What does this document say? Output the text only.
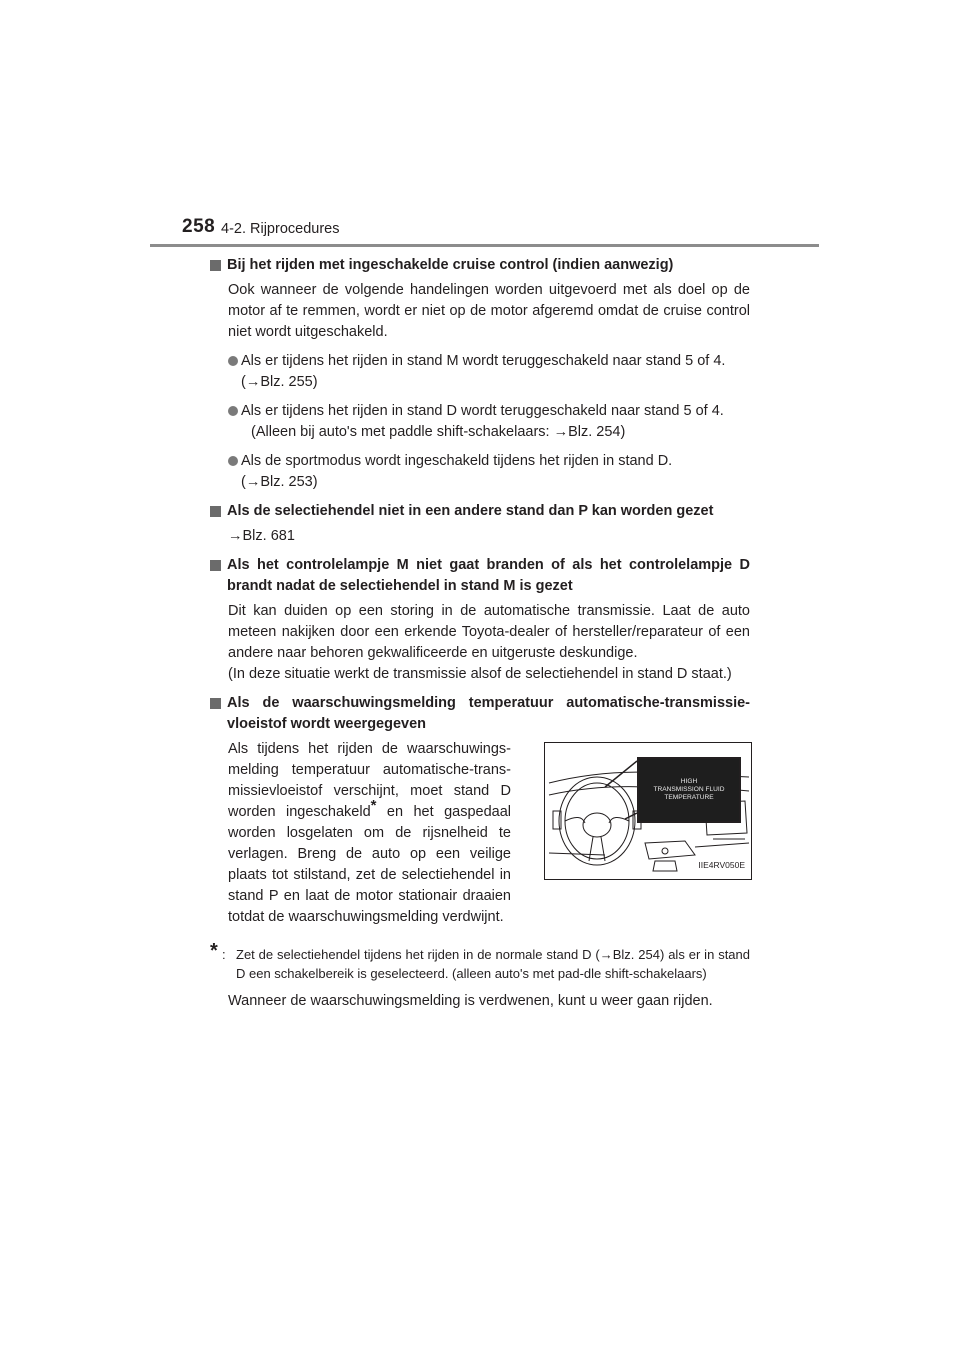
258 4-2. Rijprocedures
Bij het rijden met ingeschakelde cruise control (indien aanwezig)
Ook wanneer de volgende handelingen worden uitgevoerd met als doel op de motor af te remmen, wordt er niet op de motor afgeremd omdat de cruise control niet wordt uitgeschakeld.
Als er tijdens het rijden in stand M wordt teruggeschakeld naar stand 5 of 4.
(→Blz. 255)
Als er tijdens het rijden in stand D wordt teruggeschakeld naar stand 5 of 4.
(Alleen bij auto's met paddle shift-schakelaars: →Blz. 254)
Als de sportmodus wordt ingeschakeld tijdens het rijden in stand D.
(→Blz. 253)
Als de selectiehendel niet in een andere stand dan P kan worden gezet
→Blz. 681
Als het controlelampje M niet gaat branden of als het controlelampje D brandt nadat de selectiehendel in stand M is gezet
Dit kan duiden op een storing in de automatische transmissie. Laat de auto meteen nakijken door een erkende Toyota-dealer of hersteller/reparateur of een andere naar behoren gekwalificeerde en uitgeruste deskundige.
(In deze situatie werkt de transmissie alsof de selectiehendel in stand D staat.)
Als de waarschuwingsmelding temperatuur automatische-transmissie-vloeistof wordt weergegeven
Als tijdens het rijden de waarschuwings-melding temperatuur automatische-trans-missievloeistof verschijnt, moet stand D worden ingeschakeld* en het gaspedaal worden losgelaten om de rijsnelheid te verlagen. Breng de auto op een veilige plaats tot stilstand, zet de selectiehendel in stand P en laat de motor stationair draaien totdat de waarschuwingsmelding verdwijnt.
HIGH
TRANSMISSION FLUID
TEMPERATURE
IIE4RV050E
* : Zet de selectiehendel tijdens het rijden in de normale stand D (→Blz. 254) als er in stand D een schakelbereik is geselecteerd. (alleen auto's met pad-dle shift-schakelaars)
Wanneer de waarschuwingsmelding is verdwenen, kunt u weer gaan rijden.
